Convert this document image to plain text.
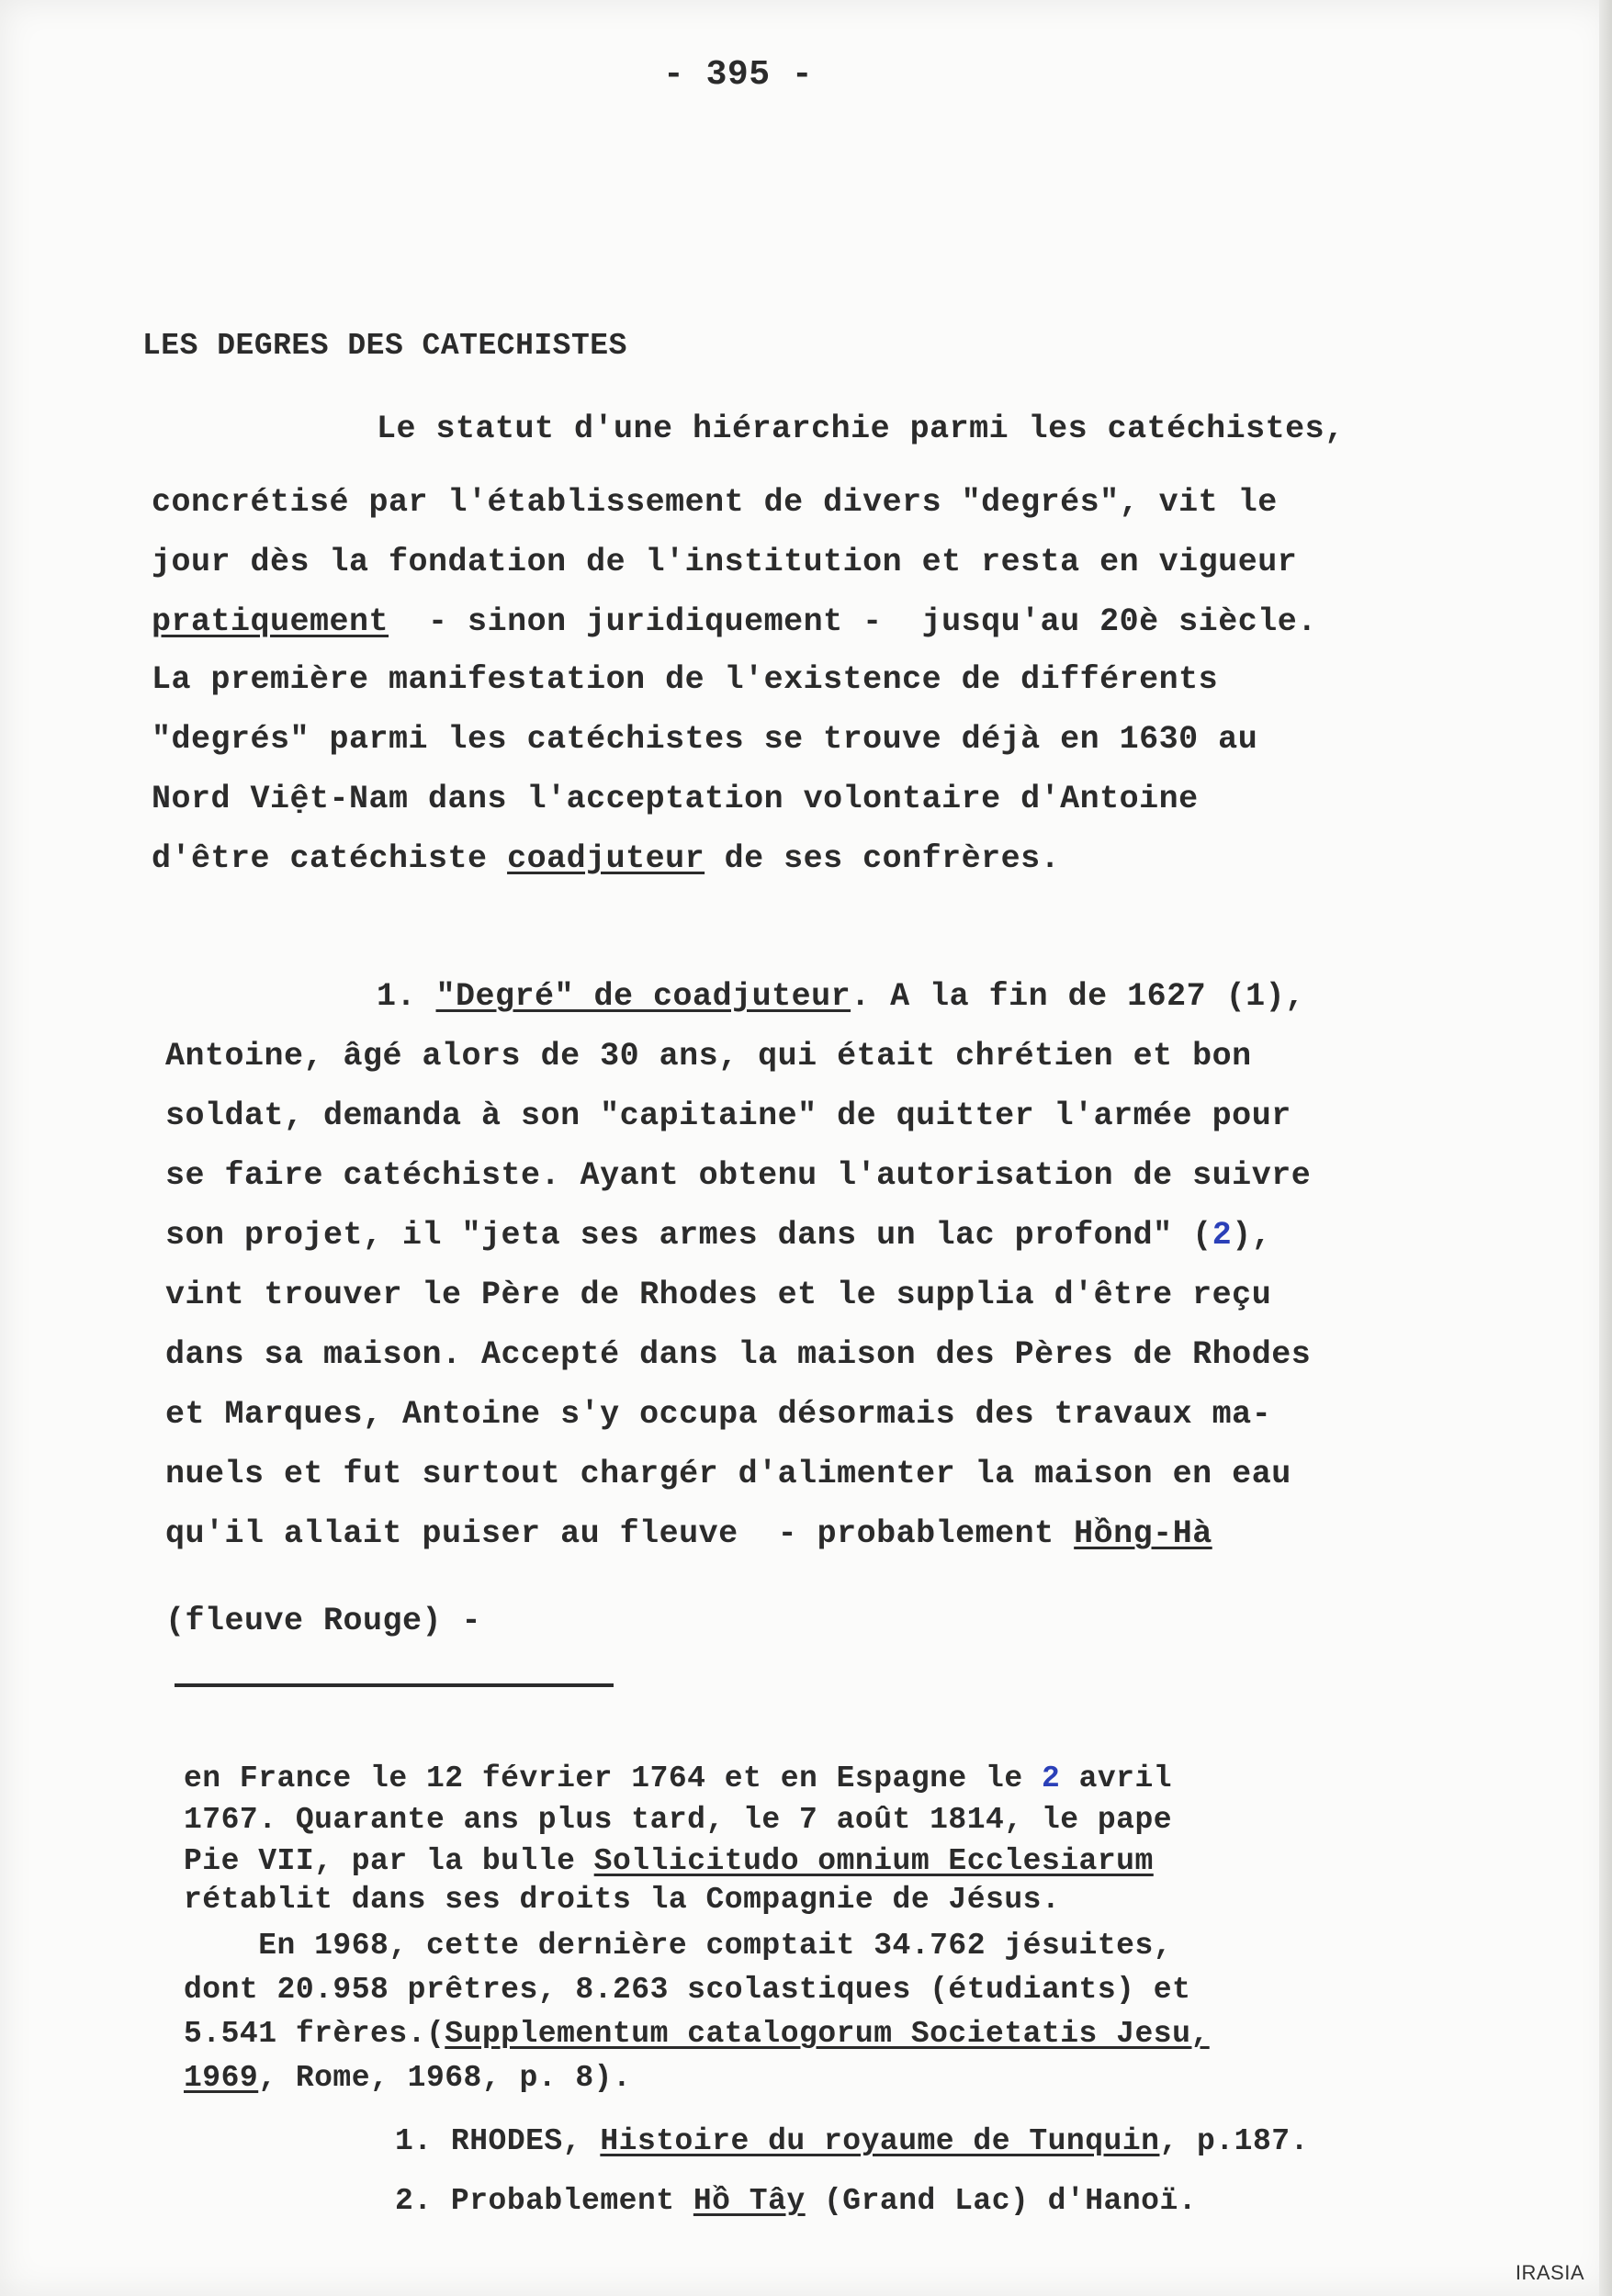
- 395 -
LES DEGRES DES CATECHISTES
Le statut d'une hiérarchie parmi les catéchistes,
concrétisé par l'établissement de divers "degrés", vit le
jour dès la fondation de l'institution et resta en vigueur
pratiquement  - sinon juridiquement -  jusqu'au 20è siècle.
La première manifestation de l'existence de différents
"degrés" parmi les catéchistes se trouve déjà en 1630 au
Nord Việt-Nam dans l'acceptation volontaire d'Antoine
d'être catéchiste coadjuteur de ses confrères.
1. "Degré" de coadjuteur. A la fin de 1627 (1),
Antoine, âgé alors de 30 ans, qui était chrétien et bon
soldat, demanda à son "capitaine" de quitter l'armée pour
se faire catéchiste. Ayant obtenu l'autorisation de suivre
son projet, il "jeta ses armes dans un lac profond" (2),
vint trouver le Père de Rhodes et le supplia d'être reçu
dans sa maison. Accepté dans la maison des Pères de Rhodes
et Marques, Antoine s'y occupa désormais des travaux ma-
nuels et fut surtout chargér d'alimenter la maison en eau
qu'il allait puiser au fleuve  - probablement Hồng-Hà
(fleuve Rouge) -
en France le 12 février 1764 et en Espagne le 2 avril
1767. Quarante ans plus tard, le 7 août 1814, le pape
Pie VII, par la bulle Sollicitudo omnium Ecclesiarum
rétablit dans ses droits la Compagnie de Jésus.
En 1968, cette dernière comptait 34.762 jésuites,
dont 20.958 prêtres, 8.263 scolastiques (étudiants) et
5.541 frères.(Supplementum catalogorum Societatis Jesu,
1969, Rome, 1968, p. 8).
1. RHODES, Histoire du royaume de Tunquin, p.187.
2. Probablement Hồ Tây (Grand Lac) d'Hanoï.
IRASIA
